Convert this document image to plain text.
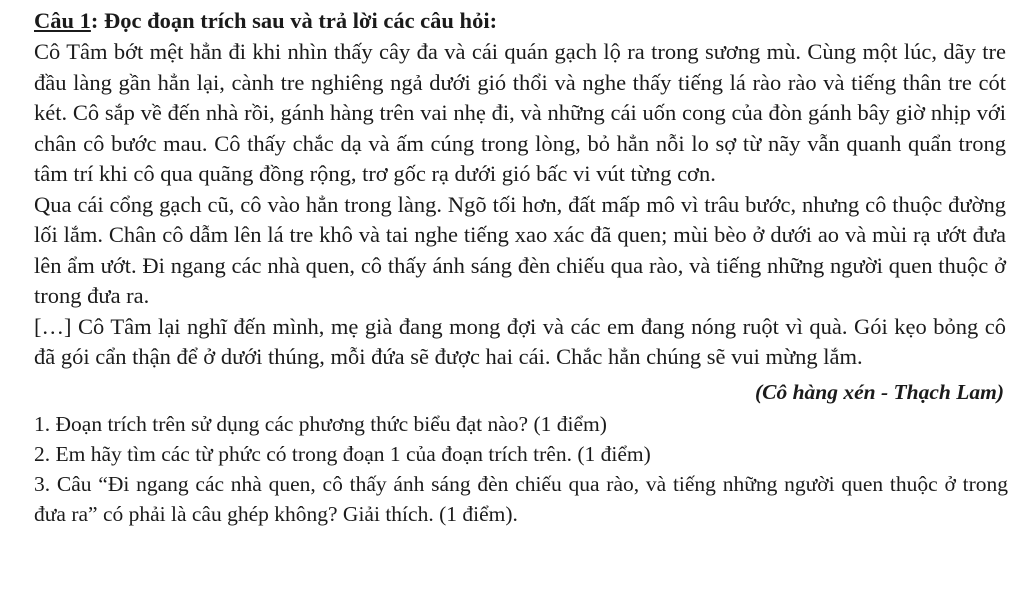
Câu 1: Đọc đoạn trích sau và trả lời các câu hỏi:

Cô Tâm bớt mệt hẳn đi khi nhìn thấy cây đa và cái quán gạch lộ ra trong sương mù. Cùng một lúc, dãy tre đầu làng gần hẳn lại, cành tre nghiêng ngả dưới gió thổi và nghe thấy tiếng lá rào rào và tiếng thân tre cót két. Cô sắp về đến nhà rồi, gánh hàng trên vai nhẹ đi, và những cái uốn cong của đòn gánh bây giờ nhịp với chân cô bước mau. Cô thấy chắc dạ và ấm cúng trong lòng, bỏ hẳn nỗi lo sợ từ nãy vẫn quanh quẩn trong tâm trí khi cô qua quãng đồng rộng, trơ gốc rạ dưới gió bấc vi vút từng cơn.

Qua cái cổng gạch cũ, cô vào hẳn trong làng. Ngõ tối hơn, đất mấp mô vì trâu bước, nhưng cô thuộc đường lối lắm. Chân cô dẫm lên lá tre khô và tai nghe tiếng xao xác đã quen; mùi bèo ở dưới ao và mùi rạ ướt đưa lên ẩm ướt. Đi ngang các nhà quen, cô thấy ánh sáng đèn chiếu qua rào, và tiếng những người quen thuộc ở trong đưa ra.

[…] Cô Tâm lại nghĩ đến mình, mẹ già đang mong đợi và các em đang nóng ruột vì quà. Gói kẹo bỏng cô đã gói cẩn thận để ở dưới thúng, mỗi đứa sẽ được hai cái. Chắc hẳn chúng sẽ vui mừng lắm.

(Cô hàng xén - Thạch Lam)
1. Đoạn trích trên sử dụng các phương thức biểu đạt nào? (1 điểm)
2. Em hãy tìm các từ phức có trong đoạn 1 của đoạn trích trên. (1 điểm)
3. Câu “Đi ngang các nhà quen, cô thấy ánh sáng đèn chiếu qua rào, và tiếng những người quen thuộc ở trong đưa ra” có phải là câu ghép không? Giải thích. (1 điểm).
